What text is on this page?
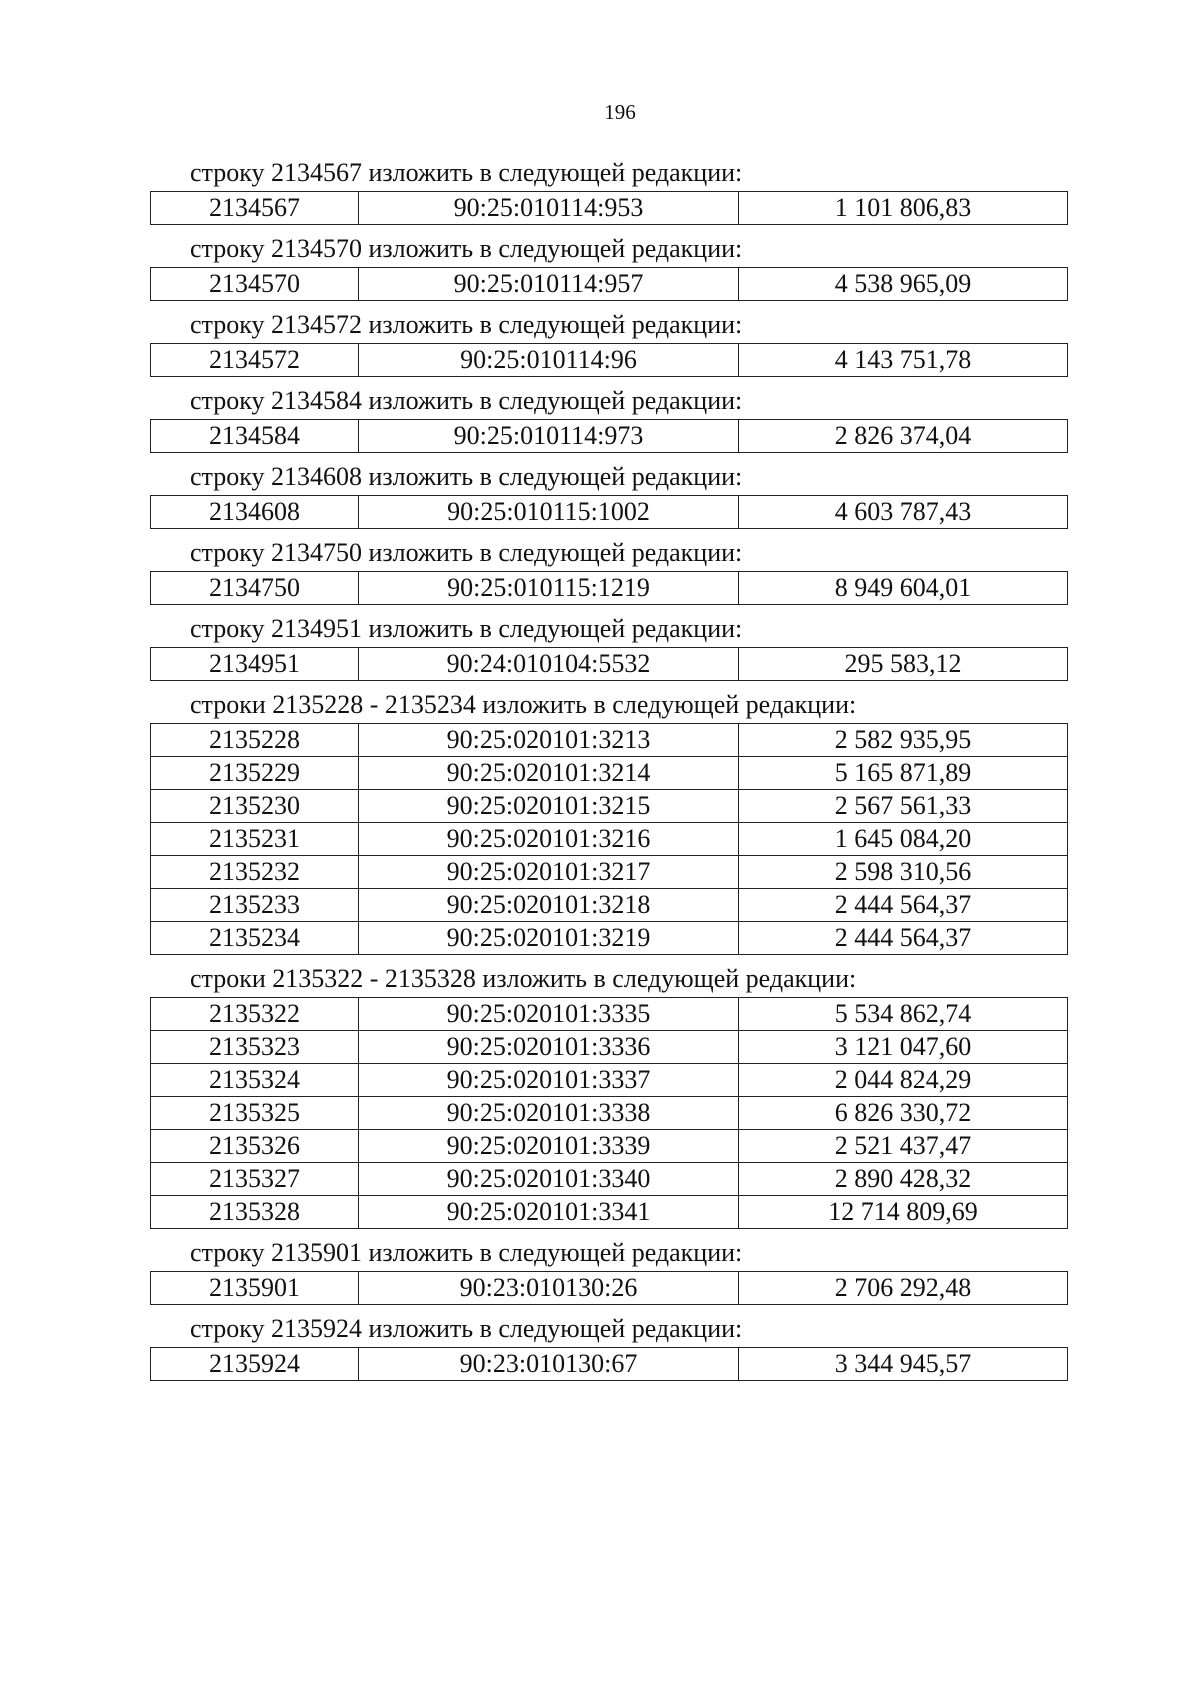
196

строку 2134567 изложить в следующей редакции:

2134567	90:25:010114:953	1 101 806,83

строку 2134570 изложить в следующей редакции:

2134570	90:25:010114:957	4 538 965,09

строку 2134572 изложить в следующей редакции:

2134572	90:25:010114:96	4 143 751,78

строку 2134584 изложить в следующей редакции:

2134584	90:25:010114:973	2 826 374,04

строку 2134608 изложить в следующей редакции:

2134608	90:25:010115:1002	4 603 787,43

строку 2134750 изложить в следующей редакции:

2134750	90:25:010115:1219	8 949 604,01

строку 2134951 изложить в следующей редакции:

2134951	90:24:010104:5532	295 583,12

строки 2135228 - 2135234 изложить в следующей редакции:

2135228	90:25:020101:3213	2 582 935,95
2135229	90:25:020101:3214	5 165 871,89
2135230	90:25:020101:3215	2 567 561,33
2135231	90:25:020101:3216	1 645 084,20
2135232	90:25:020101:3217	2 598 310,56
2135233	90:25:020101:3218	2 444 564,37
2135234	90:25:020101:3219	2 444 564,37

строки 2135322 - 2135328 изложить в следующей редакции:

2135322	90:25:020101:3335	5 534 862,74
2135323	90:25:020101:3336	3 121 047,60
2135324	90:25:020101:3337	2 044 824,29
2135325	90:25:020101:3338	6 826 330,72
2135326	90:25:020101:3339	2 521 437,47
2135327	90:25:020101:3340	2 890 428,32
2135328	90:25:020101:3341	12 714 809,69

строку 2135901 изложить в следующей редакции:

2135901	90:23:010130:26	2 706 292,48

строку 2135924 изложить в следующей редакции:

2135924	90:23:010130:67	3 344 945,57
